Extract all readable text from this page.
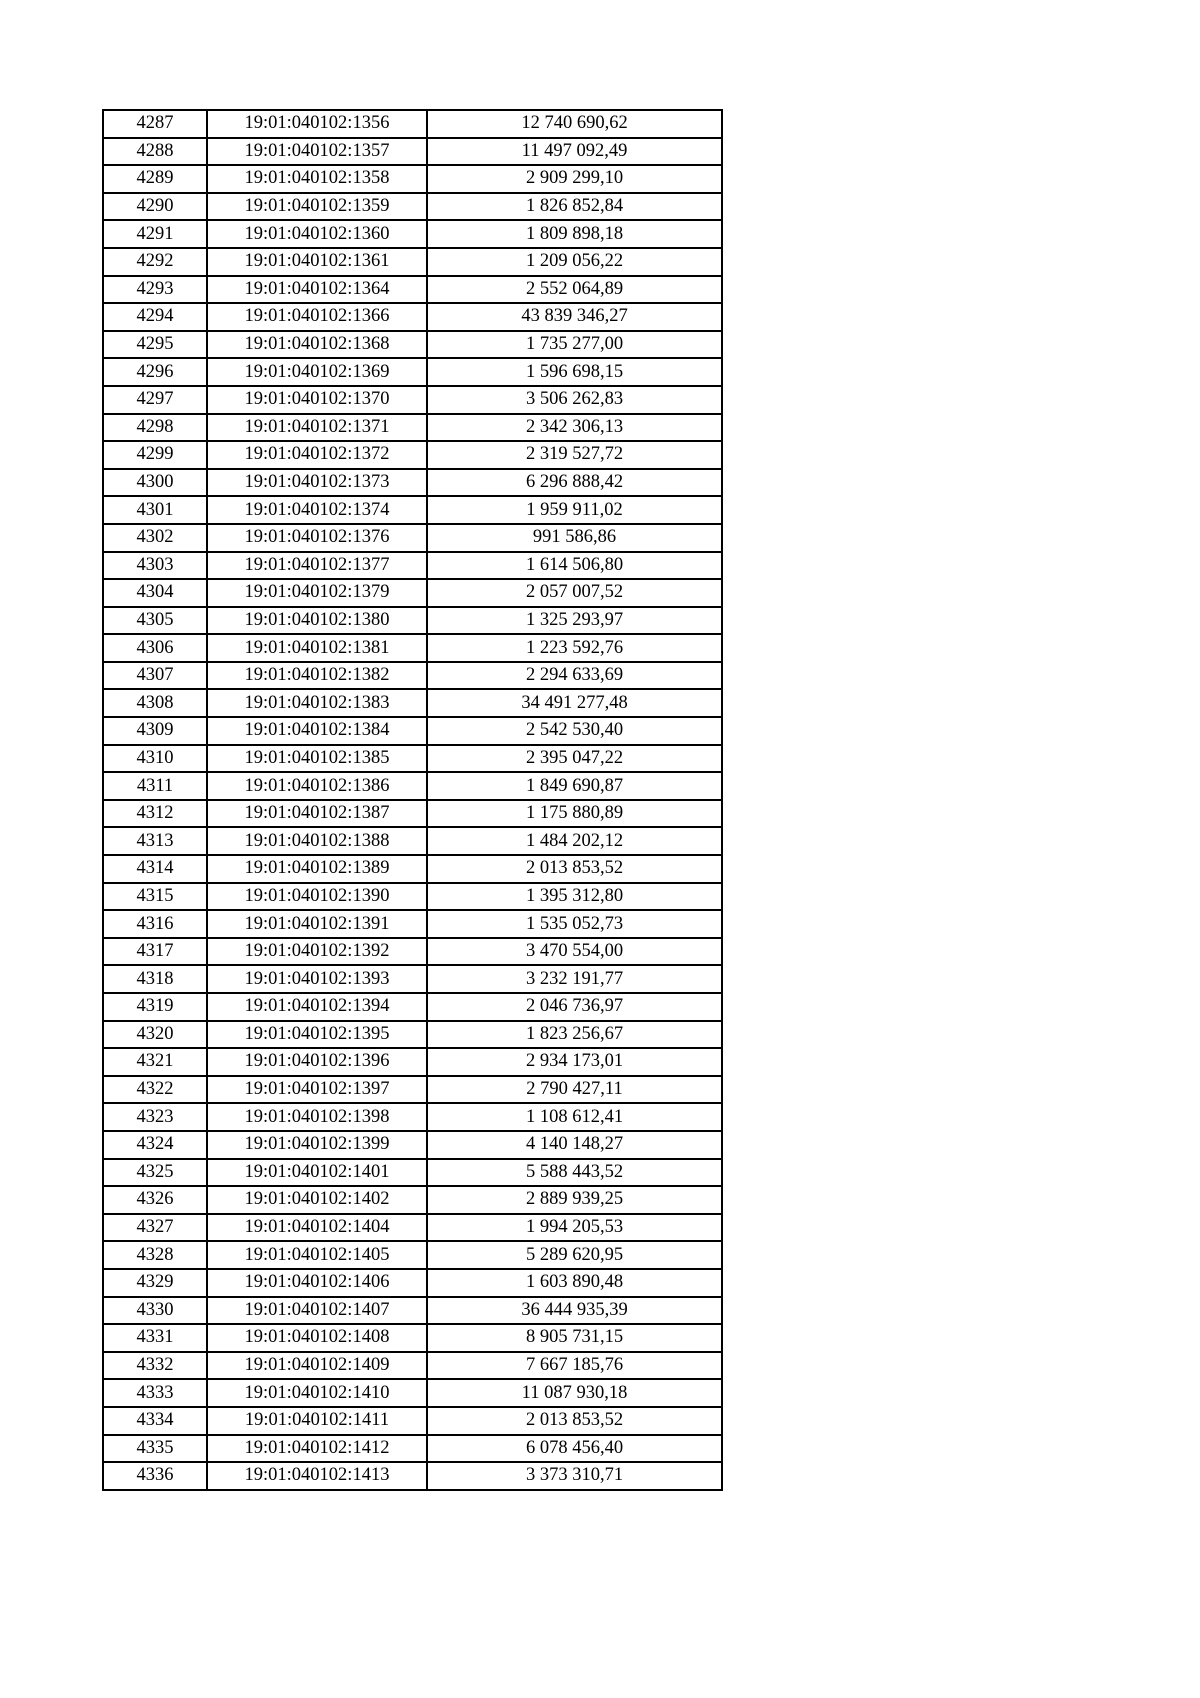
4287	19:01:040102:1356	12 740 690,62
4288	19:01:040102:1357	11 497 092,49
4289	19:01:040102:1358	2 909 299,10
4290	19:01:040102:1359	1 826 852,84
4291	19:01:040102:1360	1 809 898,18
4292	19:01:040102:1361	1 209 056,22
4293	19:01:040102:1364	2 552 064,89
4294	19:01:040102:1366	43 839 346,27
4295	19:01:040102:1368	1 735 277,00
4296	19:01:040102:1369	1 596 698,15
4297	19:01:040102:1370	3 506 262,83
4298	19:01:040102:1371	2 342 306,13
4299	19:01:040102:1372	2 319 527,72
4300	19:01:040102:1373	6 296 888,42
4301	19:01:040102:1374	1 959 911,02
4302	19:01:040102:1376	991 586,86
4303	19:01:040102:1377	1 614 506,80
4304	19:01:040102:1379	2 057 007,52
4305	19:01:040102:1380	1 325 293,97
4306	19:01:040102:1381	1 223 592,76
4307	19:01:040102:1382	2 294 633,69
4308	19:01:040102:1383	34 491 277,48
4309	19:01:040102:1384	2 542 530,40
4310	19:01:040102:1385	2 395 047,22
4311	19:01:040102:1386	1 849 690,87
4312	19:01:040102:1387	1 175 880,89
4313	19:01:040102:1388	1 484 202,12
4314	19:01:040102:1389	2 013 853,52
4315	19:01:040102:1390	1 395 312,80
4316	19:01:040102:1391	1 535 052,73
4317	19:01:040102:1392	3 470 554,00
4318	19:01:040102:1393	3 232 191,77
4319	19:01:040102:1394	2 046 736,97
4320	19:01:040102:1395	1 823 256,67
4321	19:01:040102:1396	2 934 173,01
4322	19:01:040102:1397	2 790 427,11
4323	19:01:040102:1398	1 108 612,41
4324	19:01:040102:1399	4 140 148,27
4325	19:01:040102:1401	5 588 443,52
4326	19:01:040102:1402	2 889 939,25
4327	19:01:040102:1404	1 994 205,53
4328	19:01:040102:1405	5 289 620,95
4329	19:01:040102:1406	1 603 890,48
4330	19:01:040102:1407	36 444 935,39
4331	19:01:040102:1408	8 905 731,15
4332	19:01:040102:1409	7 667 185,76
4333	19:01:040102:1410	11 087 930,18
4334	19:01:040102:1411	2 013 853,52
4335	19:01:040102:1412	6 078 456,40
4336	19:01:040102:1413	3 373 310,71
